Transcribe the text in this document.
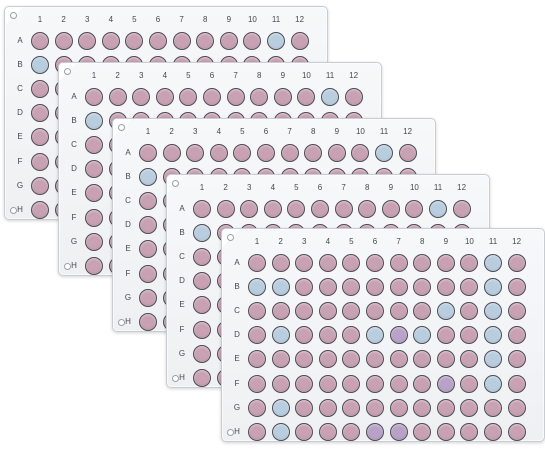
1	2	3	4	5	6	7	8	9	10	11	12
A
B
C
D
E
F
G
H
1	2	3	4	5	6	7	8	9	10	11	12
A
B
C
D
E
F
G
H
1	2	3	4	5	6	7	8	9	10	11	12
A
B
C
D
E
F
G
H
1	2	3	4	5	6	7	8	9	10	11	12
A
B
C
D
E
F
G
H
1	2	3	4	5	6	7	8	9	10	11	12
A
B
C
D
E
F
G
H
